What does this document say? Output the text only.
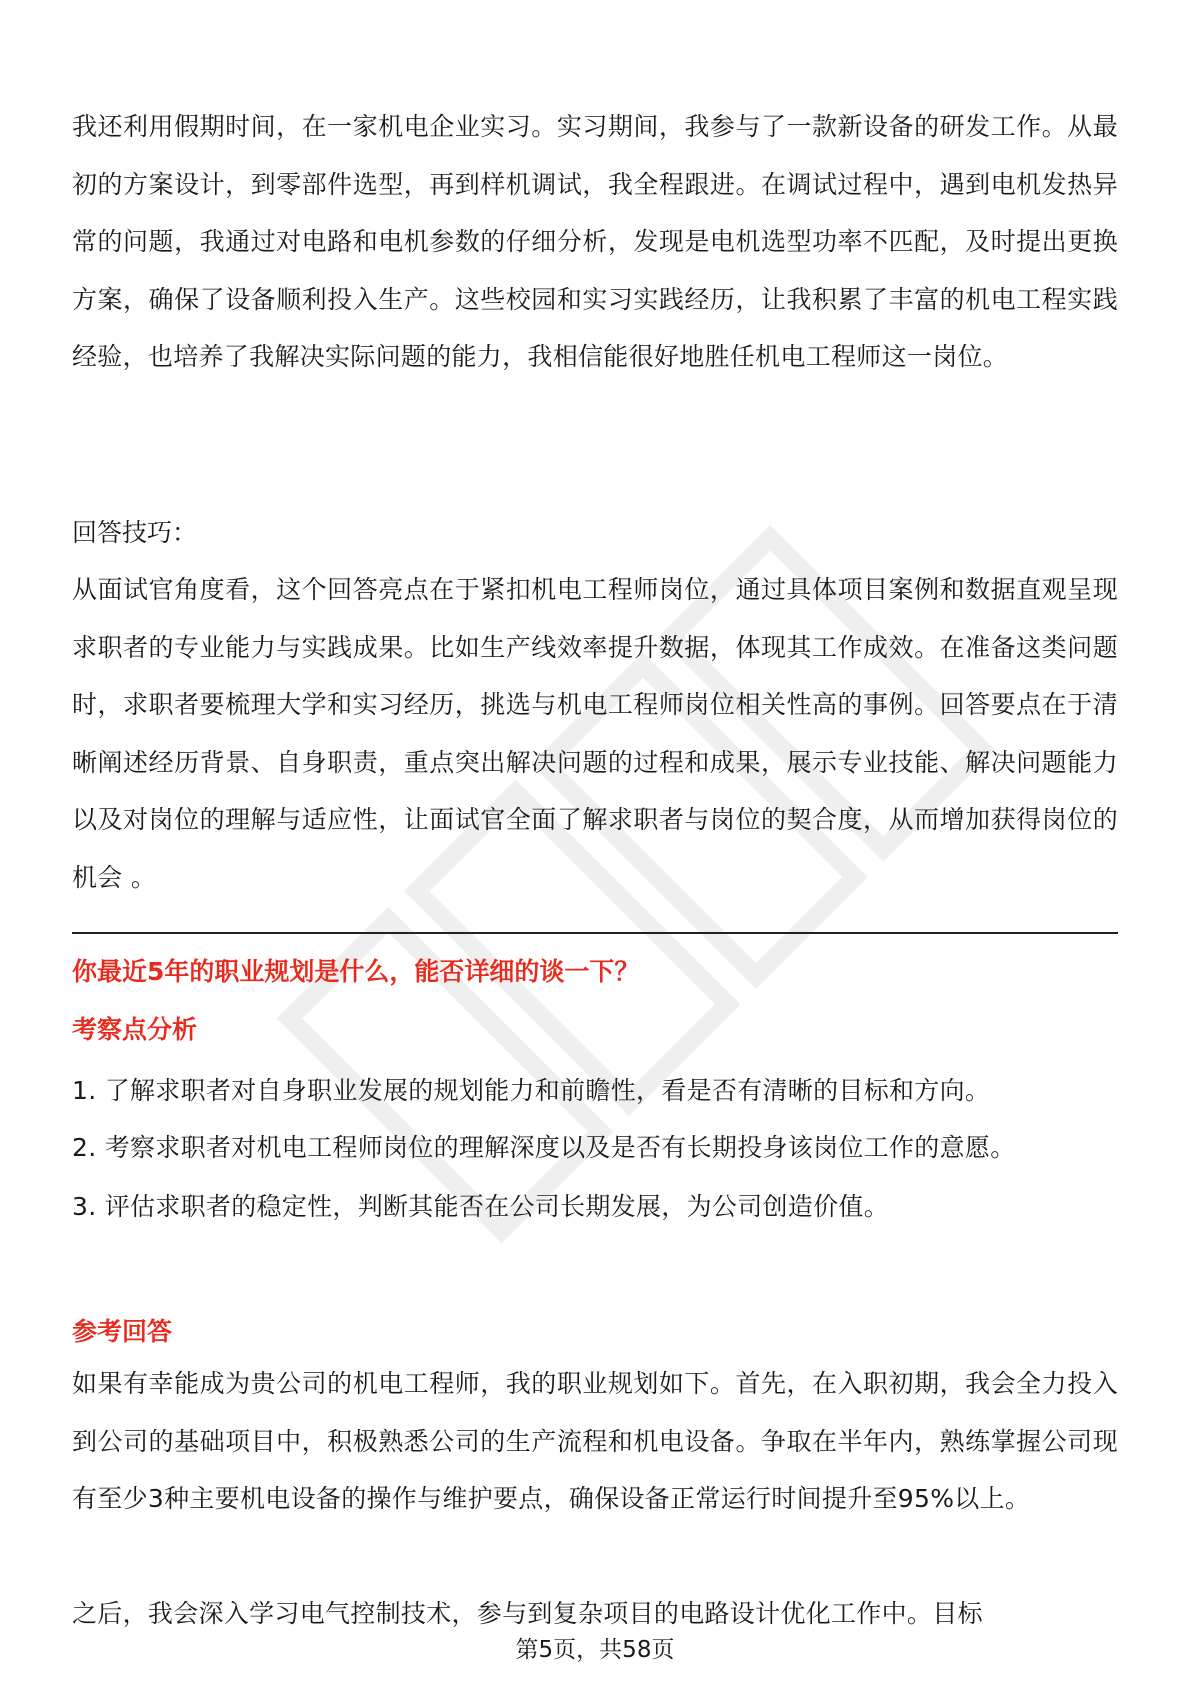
我还利用假期时间，在一家机电企业实习。实习期间，我参与了一款新设备的研发工作。从最初的方案设计，到零部件选型，再到样机调试，我全程跟进。在调试过程中，遇到电机发热异常的问题，我通过对电路和电机参数的仔细分析，发现是电机选型功率不匹配，及时提出更换方案，确保了设备顺利投入生产。这些校园和实习实践经历，让我积累了丰富的机电工程实践经验，也培养了我解决实际问题的能力，我相信能很好地胜任机电工程师这一岗位。

回答技巧：

从面试官角度看，这个回答亮点在于紧扣机电工程师岗位，通过具体项目案例和数据直观呈现求职者的专业能力与实践成果。比如生产线效率提升数据，体现其工作成效。在准备这类问题时，求职者要梳理大学和实习经历，挑选与机电工程师岗位相关性高的事例。回答要点在于清晰阐述经历背景、自身职责，重点突出解决问题的过程和成果，展示专业技能、解决问题能力以及对岗位的理解与适应性，让面试官全面了解求职者与岗位的契合度，从而增加获得岗位的机会 。

你最近5年的职业规划是什么，能否详细的谈一下？

考察点分析

1. 了解求职者对自身职业发展的规划能力和前瞻性，看是否有清晰的目标和方向。
2. 考察求职者对机电工程师岗位的理解深度以及是否有长期投身该岗位工作的意愿。
3. 评估求职者的稳定性，判断其能否在公司长期发展，为公司创造价值。

参考回答

如果有幸能成为贵公司的机电工程师，我的职业规划如下。首先，在入职初期，我会全力投入到公司的基础项目中，积极熟悉公司的生产流程和机电设备。争取在半年内，熟练掌握公司现有至少3种主要机电设备的操作与维护要点，确保设备正常运行时间提升至95%以上。

之后，我会深入学习电气控制技术，参与到复杂项目的电路设计优化工作中。目标

第5页，共58页
